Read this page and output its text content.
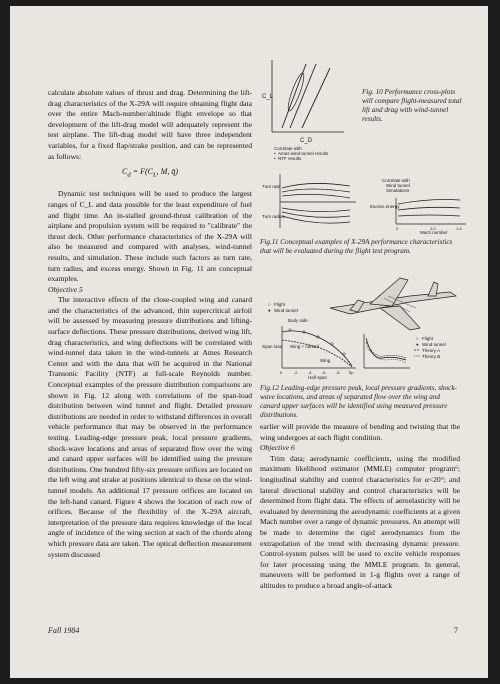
calculate absolute values of thrust and drag. Determining the lift-drag characteristics of the X-29A will require obtaining flight data over the entire Mach-number/altitude flight envelope so that development of the lift-drag model will adequately represent the test airplane. The lift-drag model will have three independent variables, for a fixed flap/strake position, and can be represented as follows:

$C_d = F(C_L$, M, q̄)

Dynamic test techniques will be used to produce the largest ranges of C_L and data possible for the least expenditure of fuel and flight time. An in-stalled ground-thrust calibration of the airplane and propulsion system will be required to "calibrate" the thrust deck. Other performance characteristics of the X-29A will also be measured and compared with analyses, wind-tunnel results, and simulation. These include such factors as turn rate, turn radius, and excess energy. Shown in Fig. 11 are conceptual examples.

Objective 5

The interactive effects of the close-coupled wing and canard and the characteristics of the advanced, thin supercritical airfoil will be assessed by measuring pressure distributions and lifting-surface deflections. These pressure distributions, derived wing lift, drag characteristics, and wing deflections will be correlated with wind-tunnel data taken in the wind-tunnels at Ames Research Center and with the data that will be acquired in the National Transonic Facility (NTF) at full-scale Reynolds number. Conceptual examples of the pressure distribution comparisons are shown in Fig. 12 along with correlations of the span-load distribution between wind tunnel and flight. Detailed pressure distributions are needed in order to withstand differences in overall vehicle performance that may be observed in the performance testing. Leading-edge pressure peak, local pressure gradients, shock-wave locations and areas of separated flow over the wing and canard upper surfaces will be identified using the pressure distributions. One hundred fifty-six pressure orifices are located on the left wing and strake at positions identical to those on the wind-tunnel models. An additional 17 pressure orifices are located on the left-hand canard. Figure 4 shows the location of each row of orifices. Because of the flexibility of the X-29A aircraft, interpretation of the pressure data requires knowledge of the local angle of incidence of the wing section at each of the chords along which pressure data are taken. The optical deflection measurement system discussed

earlier will provide the measure of bending and twisting that the wing undergoes at each flight condition.

Objective 6

Trim data; aerodynamic coefficients, using the modified maximum likelihood estimator (MMLE) computer program⁶; longitudinal stability and control characteristics for α<20°; and lateral directional stability and control characteristics will be determined from flight data. The effects of aeroelasticity will be evaluated by determining the aerodynamic coefficients at a given Mach number over a range of dynamic pressures. An attempt will be made to determine the rigid aerodynamics from the extrapolation of the trend with decreasing dynamic pressure. Control-system pulses will be used to excite vehicle responses for later processing using the MMLE program. In general, maneuvers will be performed in 1-g flights over a range of altitudes to produce a broad angle-of-attack

C_L
C_D
Correlate with
Ames wind-tunnel results
NTF results
•
•
Fig. 10 Performance cross-plots will compare flight-measured total lift and drag with wind-tunnel results.
Turn rate
Turn radius
Correlate with
Wind tunnel
Simulations
Excess energy
0	1.0	1.5
Mach number
Fig.11 Conceptual examples of X-29A performance characteristics that will be evaluated during the flight test program.
○ Flight
● Wind tunnel
Body side
Span load Wing + canard
Wing
0	.2	.4	.6	.8 Tip
Half span
○ Flight
● Wind tunnel
Theory A
Theory B
Fig.12 Leading-edge pressure peak, local pressure gradients, shock-wave locations, and areas of separated flow over the wing and canard upper surfaces will be identified using measured pressure distributions.
Fall 1984	7
